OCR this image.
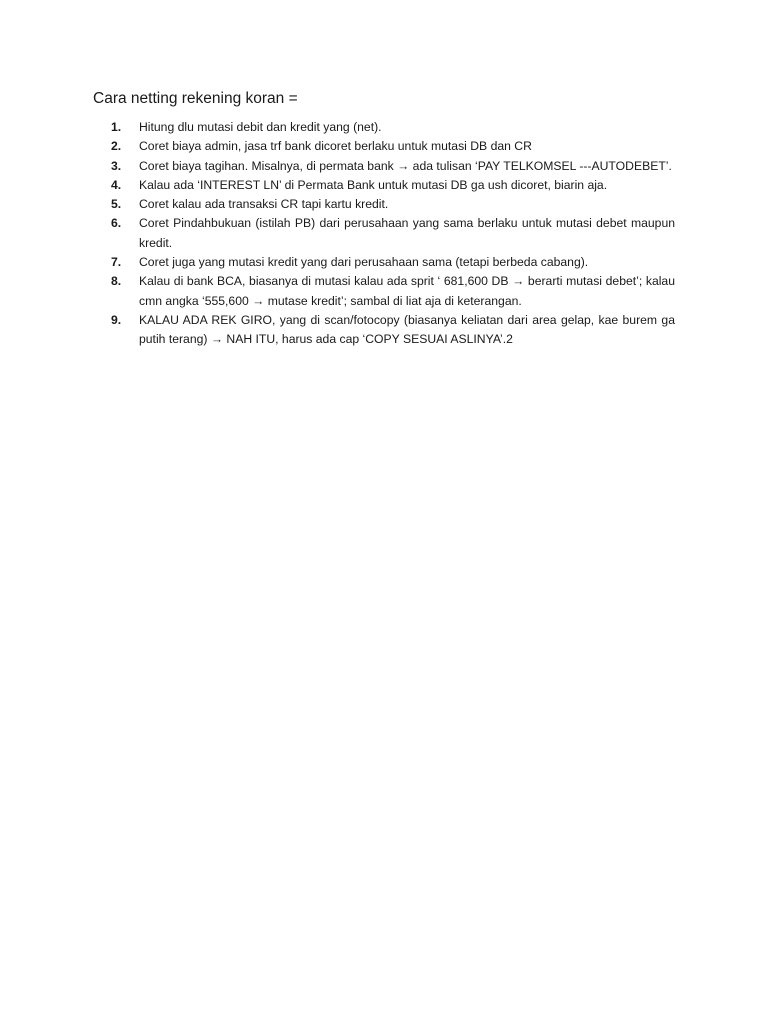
Cara netting rekening koran =
1.	Hitung dlu mutasi debit dan kredit yang (net).
2.	Coret biaya admin, jasa trf bank dicoret berlaku untuk mutasi DB dan CR
3.	Coret biaya tagihan. Misalnya, di permata bank → ada tulisan ‘PAY TELKOMSEL ---AUTODEBET’.
4.	Kalau ada ‘INTEREST LN’ di Permata Bank untuk mutasi DB ga ush dicoret, biarin aja.
5.	Coret kalau ada transaksi CR tapi kartu kredit.
6.	Coret Pindahbukuan (istilah PB) dari perusahaan yang sama berlaku untuk mutasi debet maupun kredit.
7.	Coret juga yang mutasi kredit yang dari perusahaan sama (tetapi berbeda cabang).
8.	Kalau di bank BCA, biasanya di mutasi kalau ada sprit ‘ 681,600 DB → berarti mutasi debet’; kalau cmn angka ‘555,600 → mutase kredit’; sambal di liat aja di keterangan.
9.	KALAU ADA REK GIRO, yang di scan/fotocopy (biasanya keliatan dari area gelap, kae burem ga putih terang) → NAH ITU, harus ada cap ‘COPY SESUAI ASLINYA’.2
